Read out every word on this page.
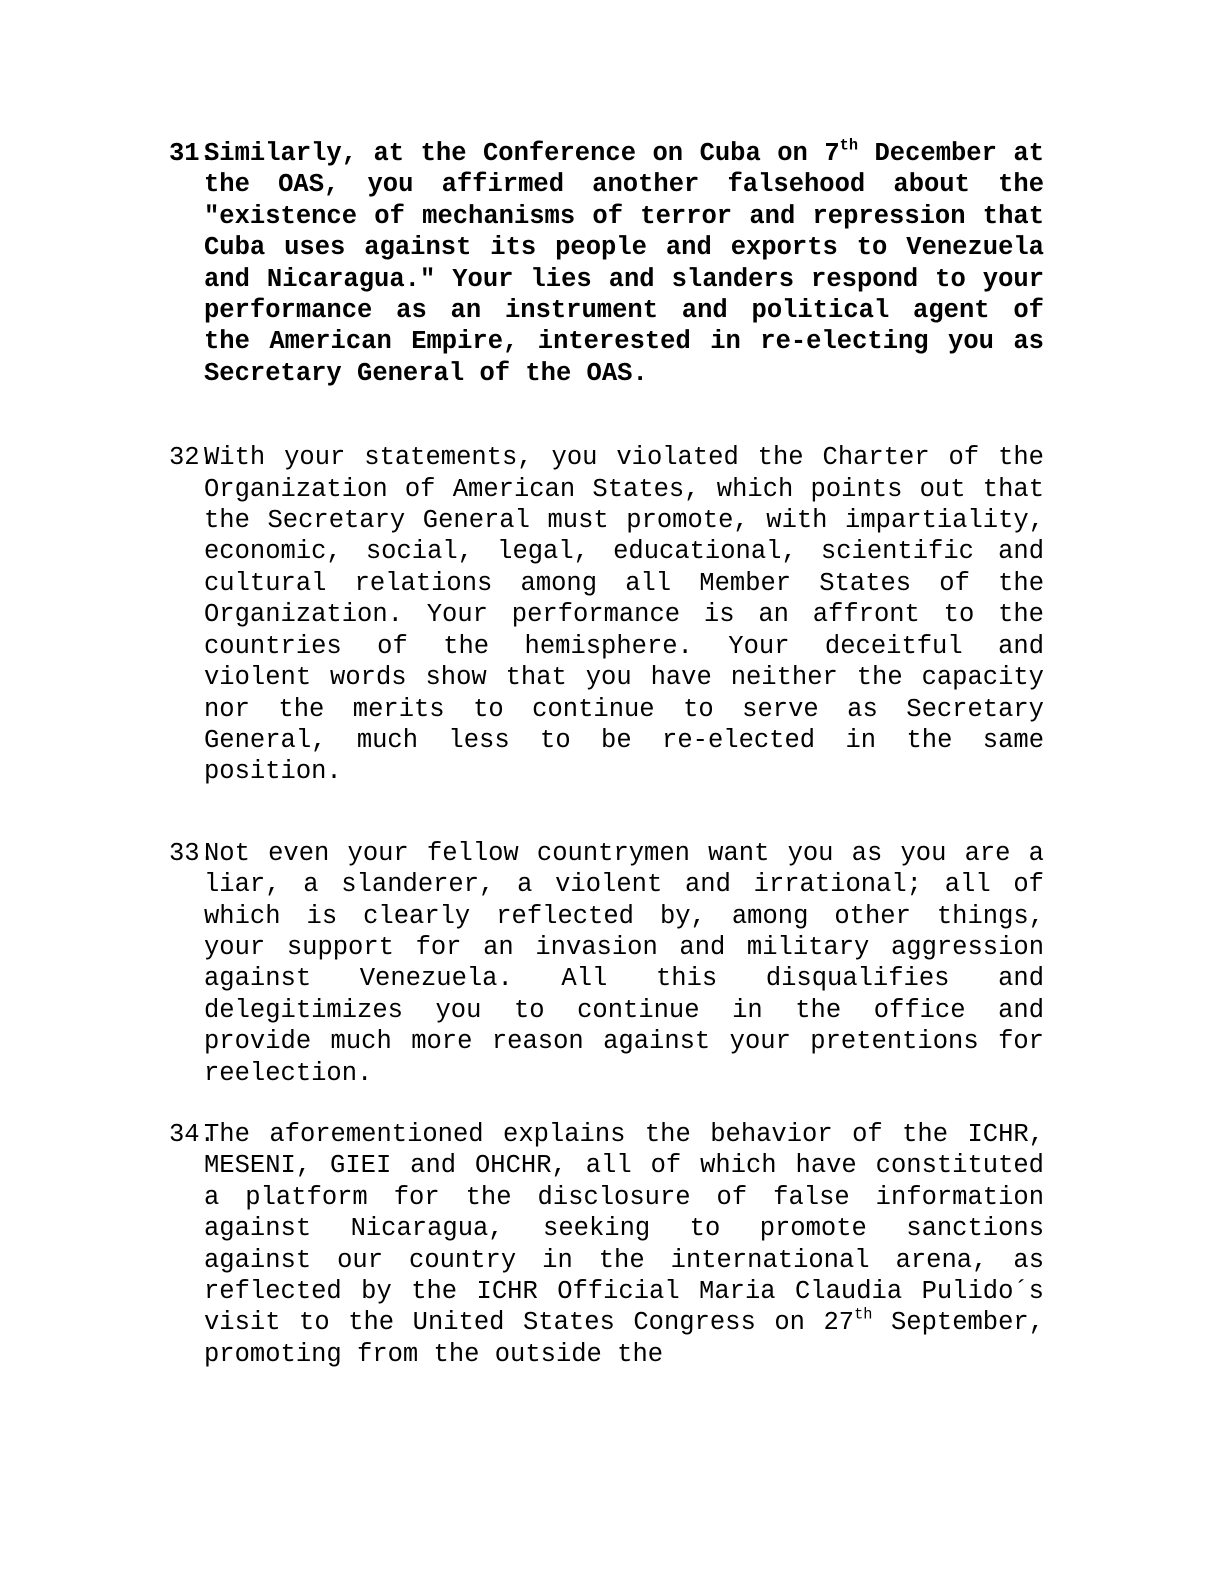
31.
Similarly, at the Conference on Cuba on 7th December at the OAS, you affirmed another falsehood about the "existence of mechanisms of terror and repression that Cuba uses against its people and exports to Venezuela and Nicaragua." Your lies and slanders respond to your performance as an instrument and political agent of the American Empire, interested in re-electing you as Secretary General of the OAS.
32.
With your statements, you violated the Charter of the Organization of American States, which points out that the Secretary General must promote, with impartiality, economic, social, legal, educational, scientific and cultural relations among all Member States of the Organization. Your performance is an affront to the countries of the hemisphere. Your deceitful and violent words show that you have neither the capacity nor the merits to continue to serve as Secretary General, much less to be re-elected in the same position.
33.
Not even your fellow countrymen want you as you are a liar, a slanderer, a violent and irrational; all of which is clearly reflected by, among other things, your support for an invasion and military aggression against Venezuela. All this disqualifies and delegitimizes you to continue in the office and provide much more reason against your pretentions for reelection.
34.
The aforementioned explains the behavior of the ICHR, MESENI, GIEI and OHCHR, all of which have constituted a platform for the disclosure of false information against Nicaragua, seeking to promote sanctions against our country in the international arena, as reflected by the ICHR Official Maria Claudia Pulido´s visit to the United States Congress on 27th September, promoting from the outside the
